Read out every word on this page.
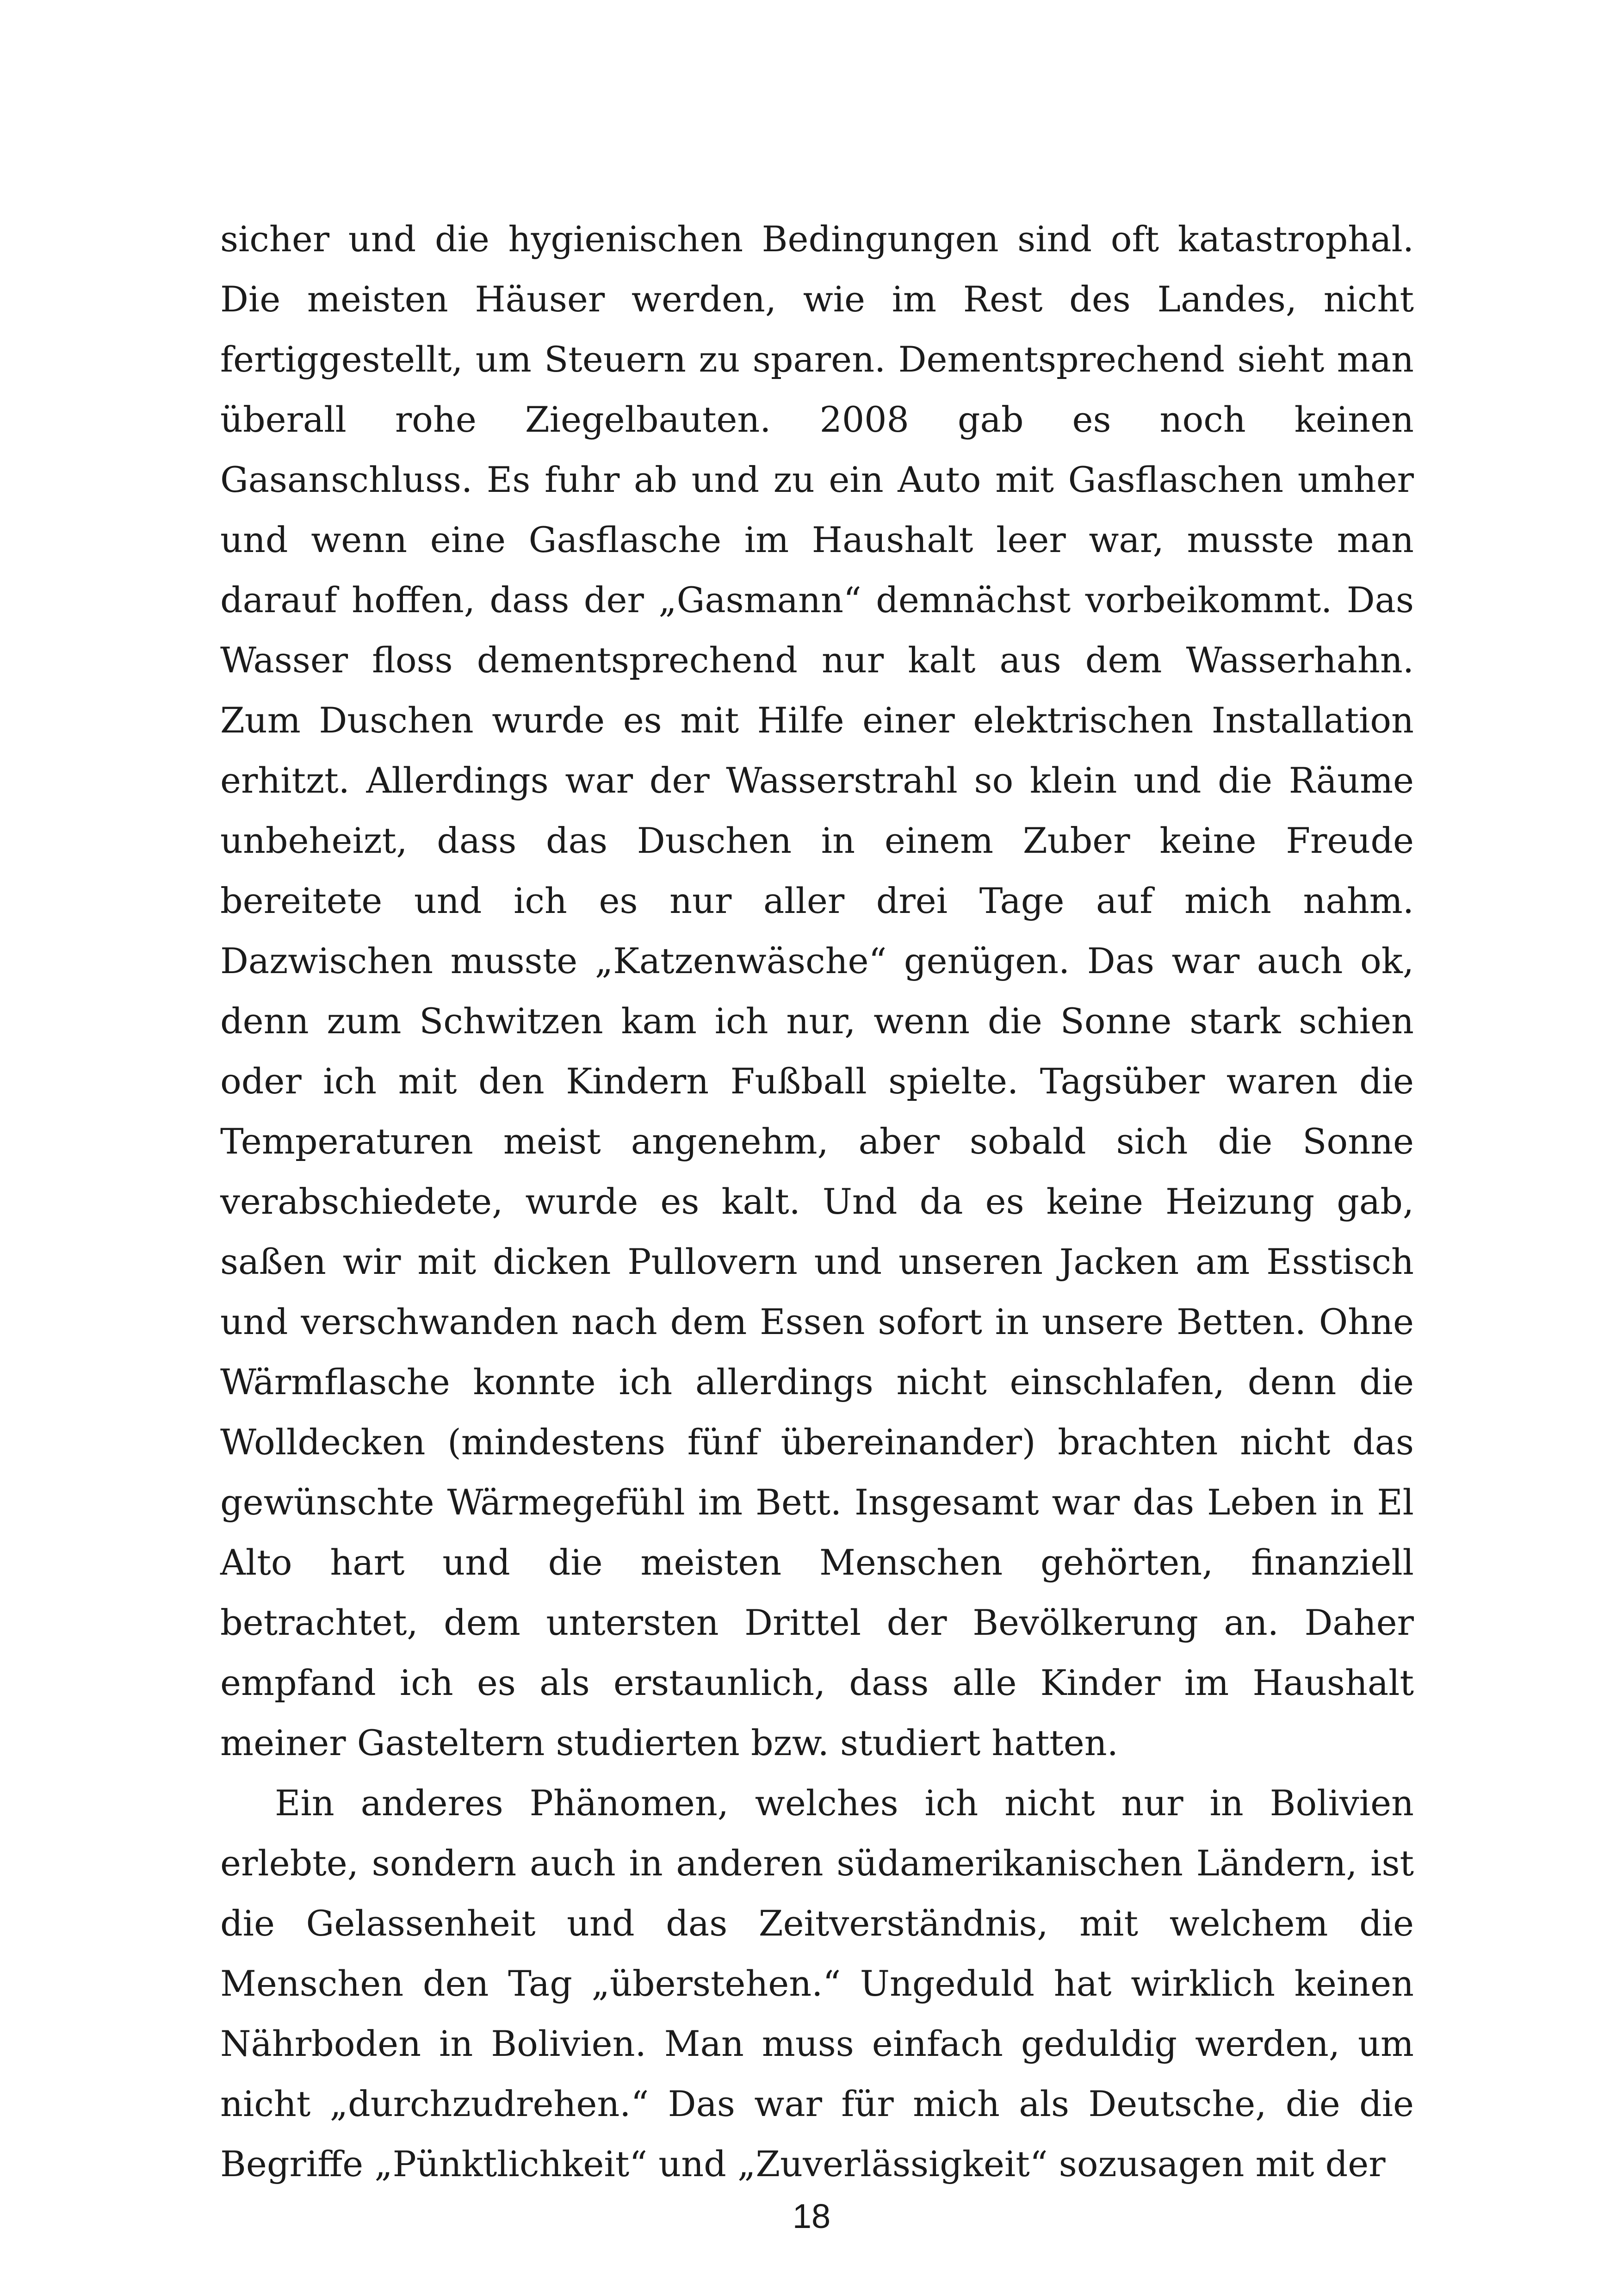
sicher und die hygienischen Bedingungen sind oft katastrophal. Die meisten Häuser werden, wie im Rest des Landes, nicht fertiggestellt, um Steuern zu sparen. Dementsprechend sieht man überall rohe Ziegelbauten. 2008 gab es noch keinen Gasanschluss. Es fuhr ab und zu ein Auto mit Gasflaschen umher und wenn eine Gasflasche im Haushalt leer war, musste man darauf hoffen, dass der „Gasmann“ demnächst vorbeikommt. Das Wasser floss dementsprechend nur kalt aus dem Wasserhahn. Zum Duschen wurde es mit Hilfe einer elektrischen Installation erhitzt. Allerdings war der Wasserstrahl so klein und die Räume unbeheizt, dass das Duschen in einem Zuber keine Freude bereitete und ich es nur aller drei Tage auf mich nahm. Dazwischen musste „Katzenwäsche“ genügen. Das war auch ok, denn zum Schwitzen kam ich nur, wenn die Sonne stark schien oder ich mit den Kindern Fußball spielte. Tagsüber waren die Temperaturen meist angenehm, aber sobald sich die Sonne verabschiedete, wurde es kalt. Und da es keine Heizung gab, saßen wir mit dicken Pullovern und unseren Jacken am Esstisch und verschwanden nach dem Essen sofort in unsere Betten. Ohne Wärmflasche konnte ich allerdings nicht einschlafen, denn die Wolldecken (mindestens fünf übereinander) brachten nicht das gewünschte Wärmegefühl im Bett. Insgesamt war das Leben in El Alto hart und die meisten Menschen gehörten, finanziell betrachtet, dem untersten Drittel der Bevölkerung an. Daher empfand ich es als erstaunlich, dass alle Kinder im Haushalt meiner Gasteltern studierten bzw. studiert hatten.

Ein anderes Phänomen, welches ich nicht nur in Bolivien erlebte, sondern auch in anderen südamerikanischen Ländern, ist die Gelassenheit und das Zeitverständnis, mit welchem die Menschen den Tag „überstehen.“ Ungeduld hat wirklich keinen Nährboden in Bolivien. Man muss einfach geduldig werden, um nicht „durchzudrehen.“ Das war für mich als Deutsche, die die Begriffe „Pünktlichkeit“ und „Zuverlässigkeit“ sozusagen mit der

18
